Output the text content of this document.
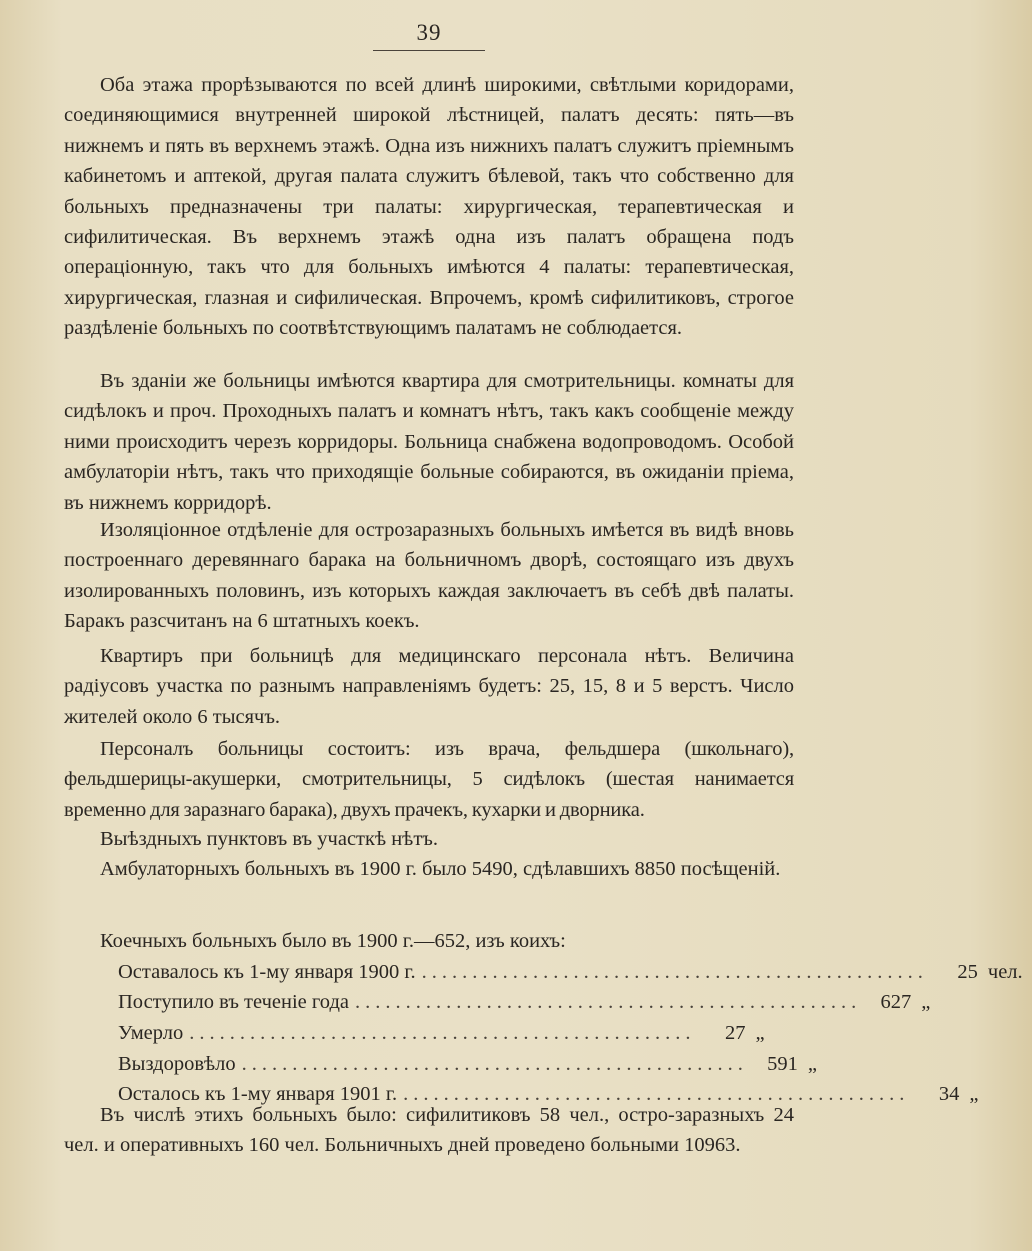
39

Оба этажа прорѣзываются по всей длинѣ широкими, свѣтлыми коридорами, соединяющимися внутренней широкой лѣстницей, палатъ десять: пять—въ нижнемъ и пять въ верхнемъ этажѣ. Одна изъ нижнихъ палатъ служитъ пріемнымъ кабинетомъ и аптекой, другая палата служитъ бѣлевой, такъ что собственно для больныхъ предназначены три палаты: хирургическая, терапевтическая и сифилитическая. Въ верхнемъ этажѣ одна изъ палатъ обращена подъ операціонную, такъ что для больныхъ имѣются 4 палаты: терапевтическая, хирургическая, глазная и сифилическая. Впрочемъ, кромѣ сифилитиковъ, строгое раздѣленіе больныхъ по соотвѣтствующимъ палатамъ не соблюдается.

Въ зданіи же больницы имѣются квартира для смотрительницы. комнаты для сидѣлокъ и проч. Проходныхъ палатъ и комнатъ нѣтъ, такъ какъ сообщеніе между ними происходитъ черезъ корридоры. Больница снабжена водопроводомъ. Особой амбулаторіи нѣтъ, такъ что приходящіе больные собираются, въ ожиданіи пріема, въ нижнемъ корридорѣ.

Изоляціонное отдѣленіе для острозаразныхъ больныхъ имѣется въ видѣ вновь построеннаго деревяннаго барака на больничномъ дворѣ, состоящаго изъ двухъ изолированныхъ половинъ, изъ которыхъ каждая заключаетъ въ себѣ двѣ палаты. Баракъ разсчитанъ на 6 штатныхъ коекъ.

Квартиръ при больницѣ для медицинскаго персонала нѣтъ. Величина радіусовъ участка по разнымъ направленіямъ будетъ: 25, 15, 8 и 5 верстъ. Число жителей около 6 тысячъ.

Персоналъ больницы состоитъ: изъ врача, фельдшера (школьнаго), фельдшерицы-акушерки, смотрительницы, 5 сидѣлокъ (шестая нанимается временно для заразнаго барака), двухъ прачекъ, кухарки и дворника.

Выѣздныхъ пунктовъ въ участкѣ нѣтъ.

Амбулаторныхъ больныхъ въ 1900 г. было 5490, сдѣлавшихъ 8850 посѣщеній.

Коечныхъ больныхъ было въ 1900 г.—652, изъ коихъ:

Оставалось къ 1-му января 1900 г. ..................................................	25 чел.
Поступило въ теченіе года .................................................. 627 „
Умерло ..................................................	27 „
Выздоровѣло .................................................. 591 „
Осталось къ 1-му января 1901 г. ..................................................	34 „

Въ числѣ этихъ больныхъ было: сифилитиковъ 58 чел., остро-заразныхъ 24 чел. и оперативныхъ 160 чел. Больничныхъ дней проведено больными 10963.
